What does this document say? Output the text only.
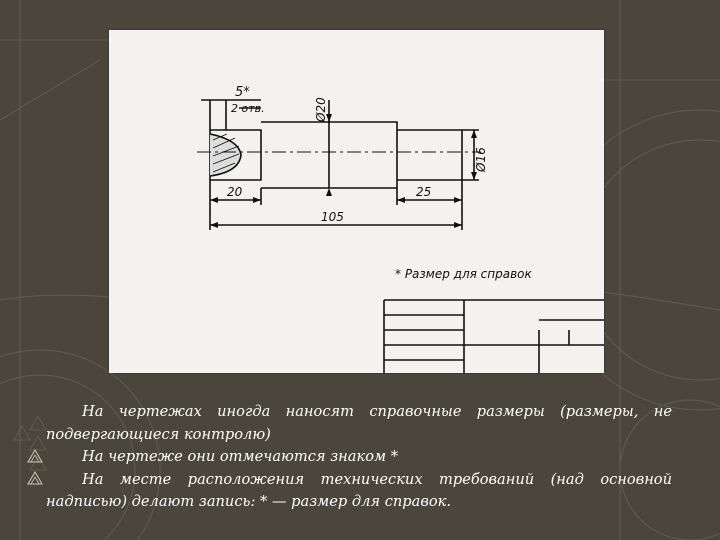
5*
2 отв.	Ø20
Ø16
20	25
105
* Размер для справок

На чертежах иногда наносят справочные размеры (размеры, не подвергающиеся контролю)

На чертеже они отмечаются знаком *

На месте расположения технических требований (над основной надписью) делают запись: * — размер для справок.
